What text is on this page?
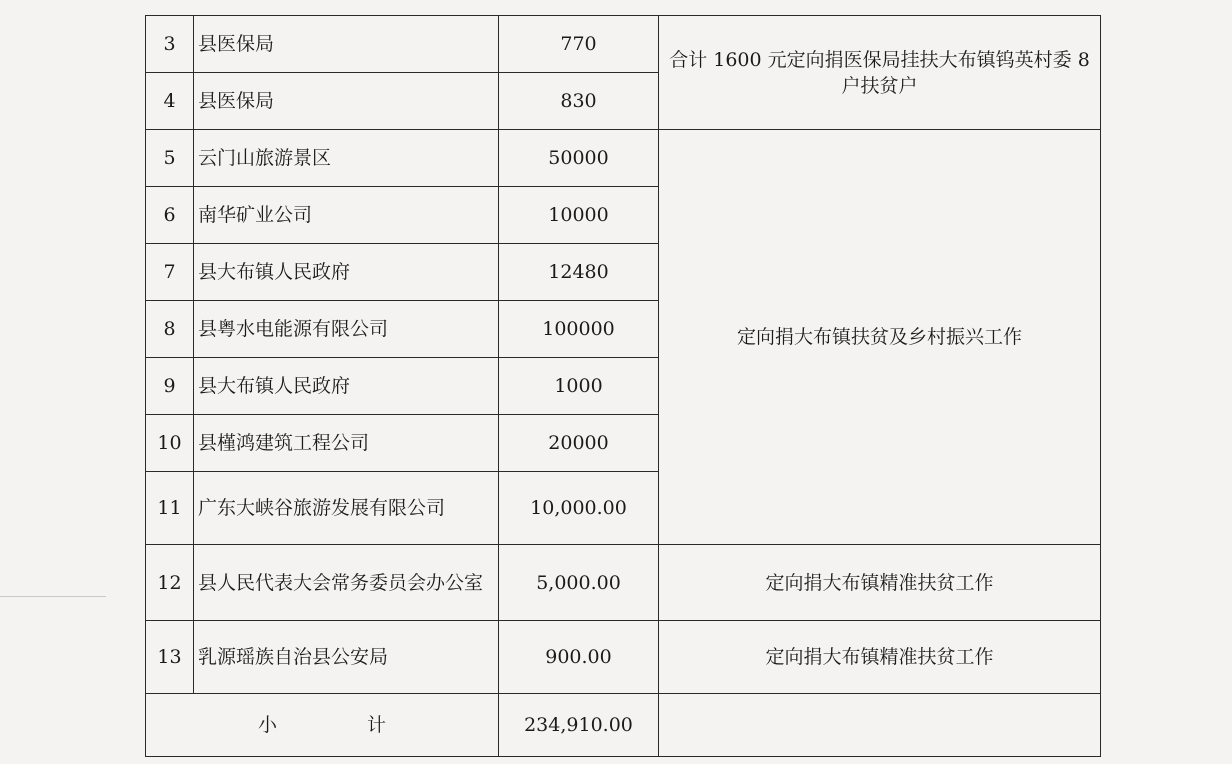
3	县医保局	770	合计 1600 元定向捐医保局挂扶大布镇钨英村委 8 户扶贫户
4	县医保局	830	
5	云门山旅游景区	50000	定向捐大布镇扶贫及乡村振兴工作
6	南华矿业公司	10000	
7	县大布镇人民政府	12480	
8	县粤水电能源有限公司	100000	
9	县大布镇人民政府	1000	
10	县槿鸿建筑工程公司	20000	
11	广东大峡谷旅游发展有限公司	10,000.00	
12	县人民代表大会常务委员会办公室	5,000.00	定向捐大布镇精准扶贫工作
13	乳源瑶族自治县公安局	900.00	定向捐大布镇精准扶贫工作
小 计		234,910.00	
